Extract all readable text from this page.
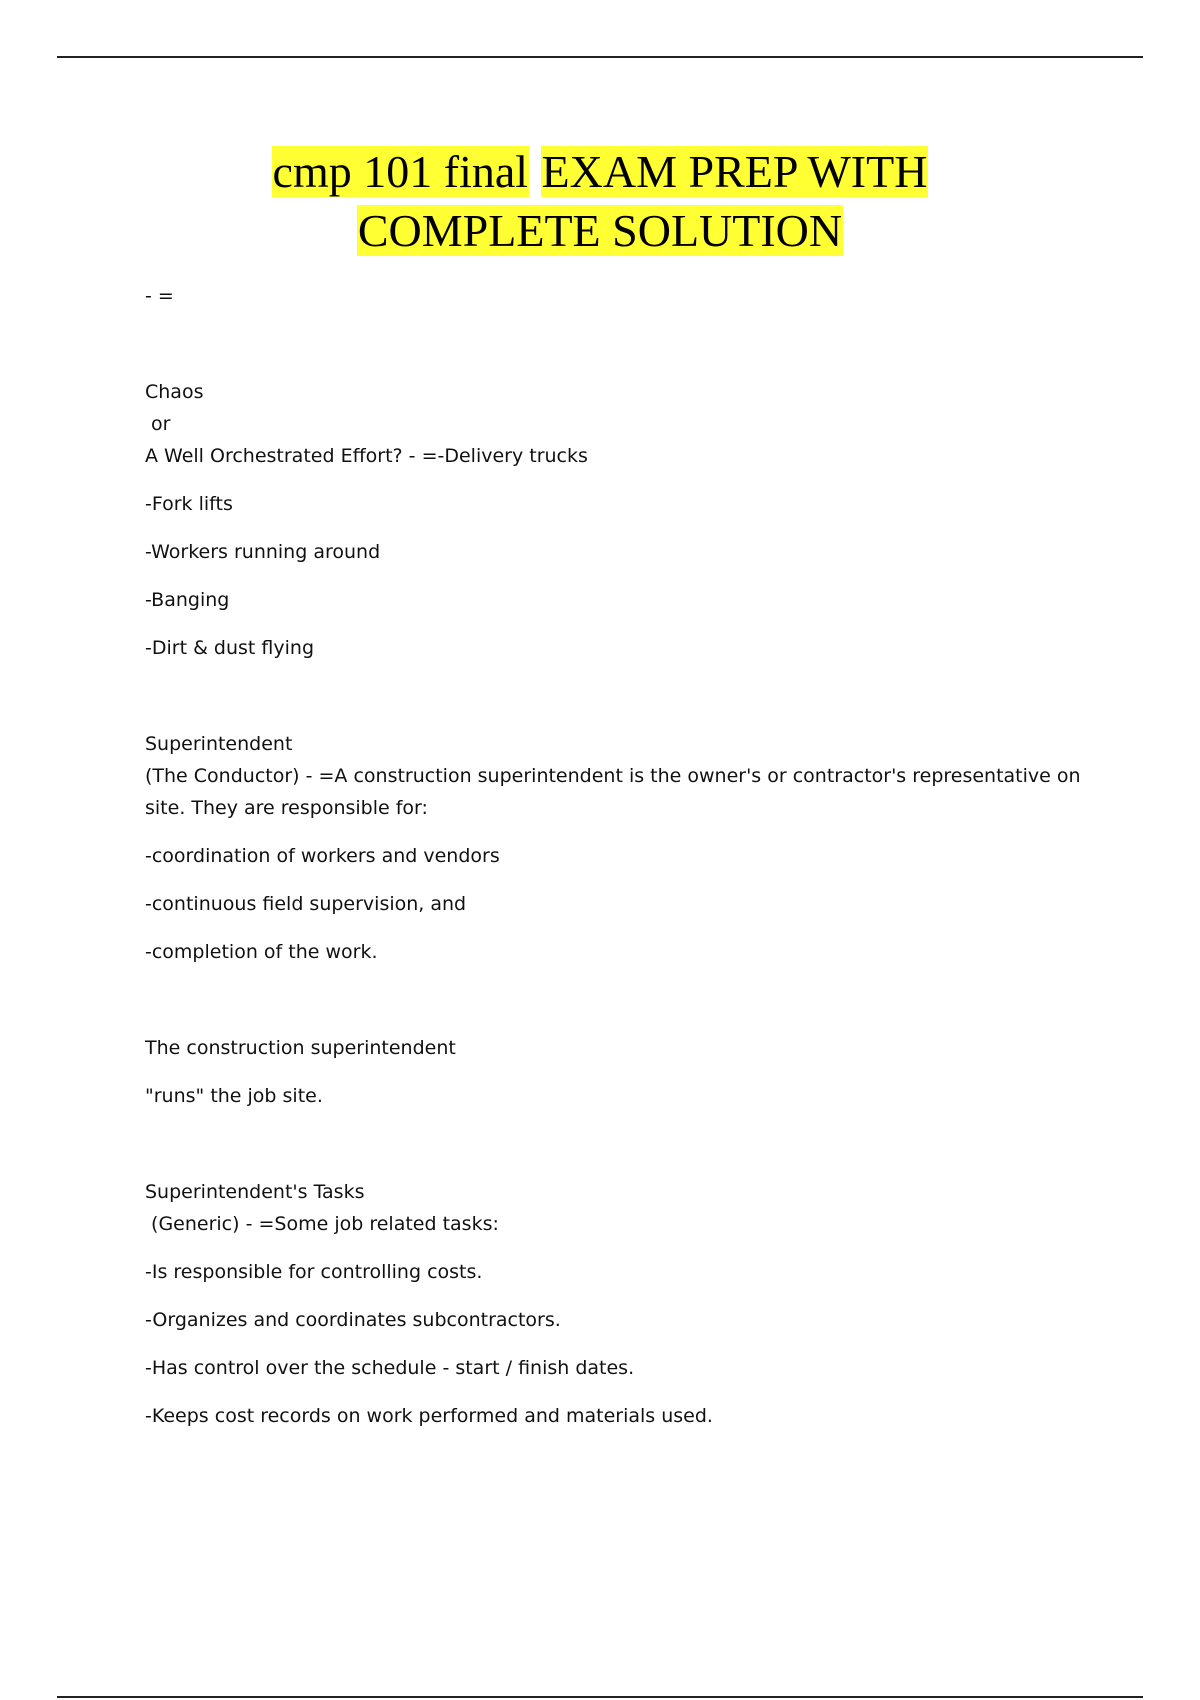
cmp 101 final EXAM PREP WITH
COMPLETE SOLUTION

- =

Chaos

or

A Well Orchestrated Effort? - =-Delivery trucks

-Fork lifts

-Workers running around

-Banging

-Dirt & dust flying

Superintendent

(The Conductor) - =A construction superintendent is the owner's or contractor's representative on site. They are responsible for:

-coordination of workers and vendors

-continuous field supervision, and

-completion of the work.

The construction superintendent

"runs" the job site.

Superintendent's Tasks

(Generic) - =Some job related tasks:

-Is responsible for controlling costs.

-Organizes and coordinates subcontractors.

-Has control over the schedule - start / finish dates.

-Keeps cost records on work performed and materials used.
